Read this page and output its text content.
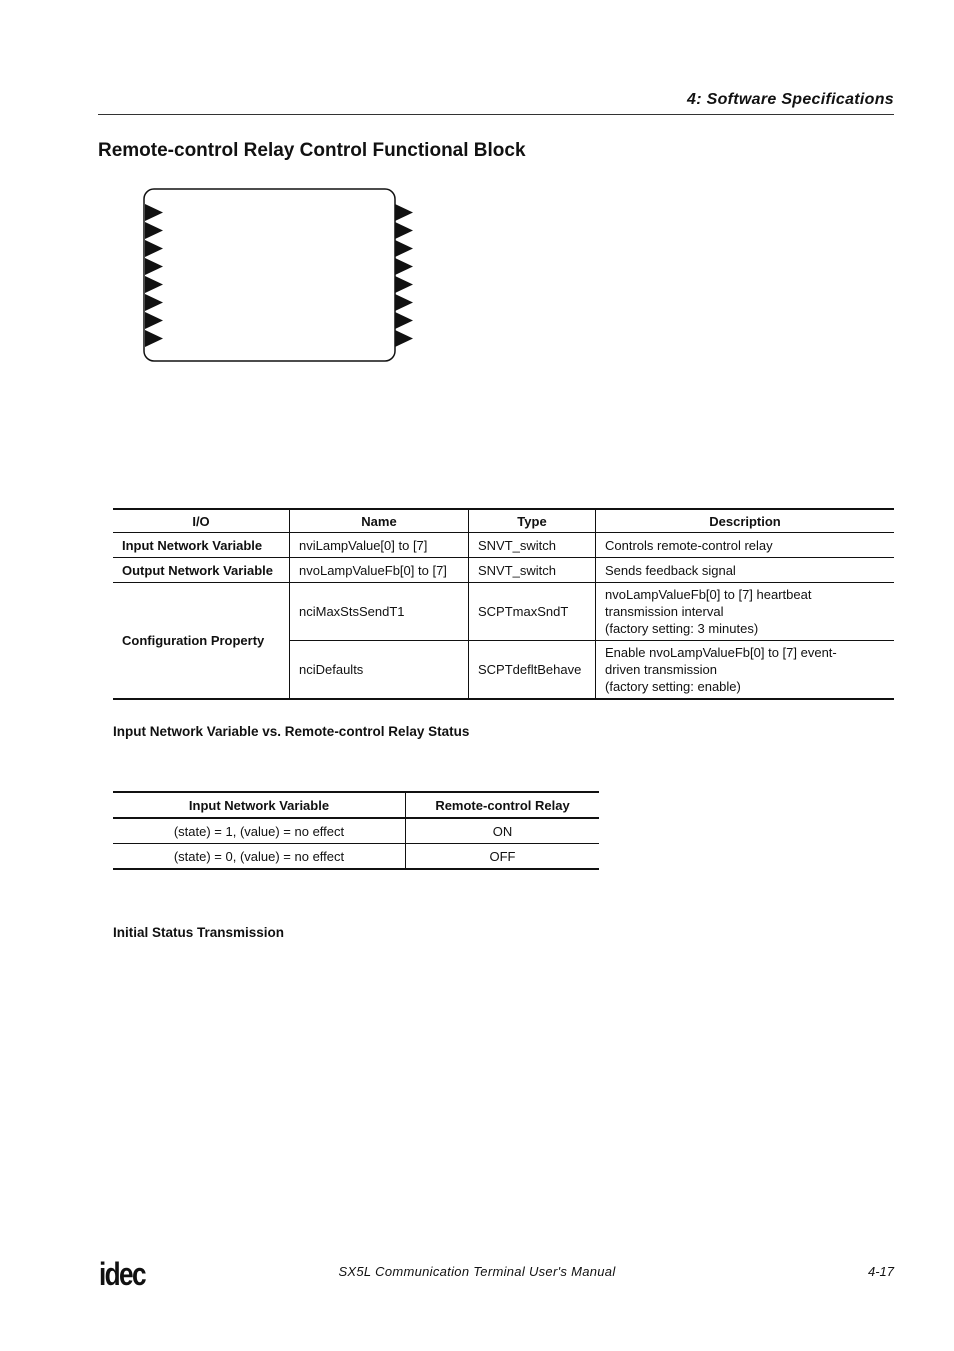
4: Software Specifications
Remote-control Relay Control Functional Block
I/O	Name	Type	Description
Input Network Variable	nviLampValue[0] to [7]	SNVT_switch	Controls remote-control relay
Output Network Variable	nvoLampValueFb[0] to [7]	SNVT_switch	Sends feedback signal
Configuration Property	nciMaxStsSendT1	SCPTmaxSndT	nvoLampValueFb[0] to [7] heartbeat
transmission interval
(factory setting: 3 minutes)

	nciDefaults	SCPTdefltBehave	Enable nvoLampValueFb[0] to [7] event-
driven transmission
(factory setting: enable)
Input Network Variable vs. Remote-control Relay Status
Input Network Variable	Remote-control Relay
(state) = 1, (value) = no effect	ON
(state) = 0, (value) = no effect	OFF
Initial Status Transmission
idec	SX5L Communication Terminal User's Manual	4-17
